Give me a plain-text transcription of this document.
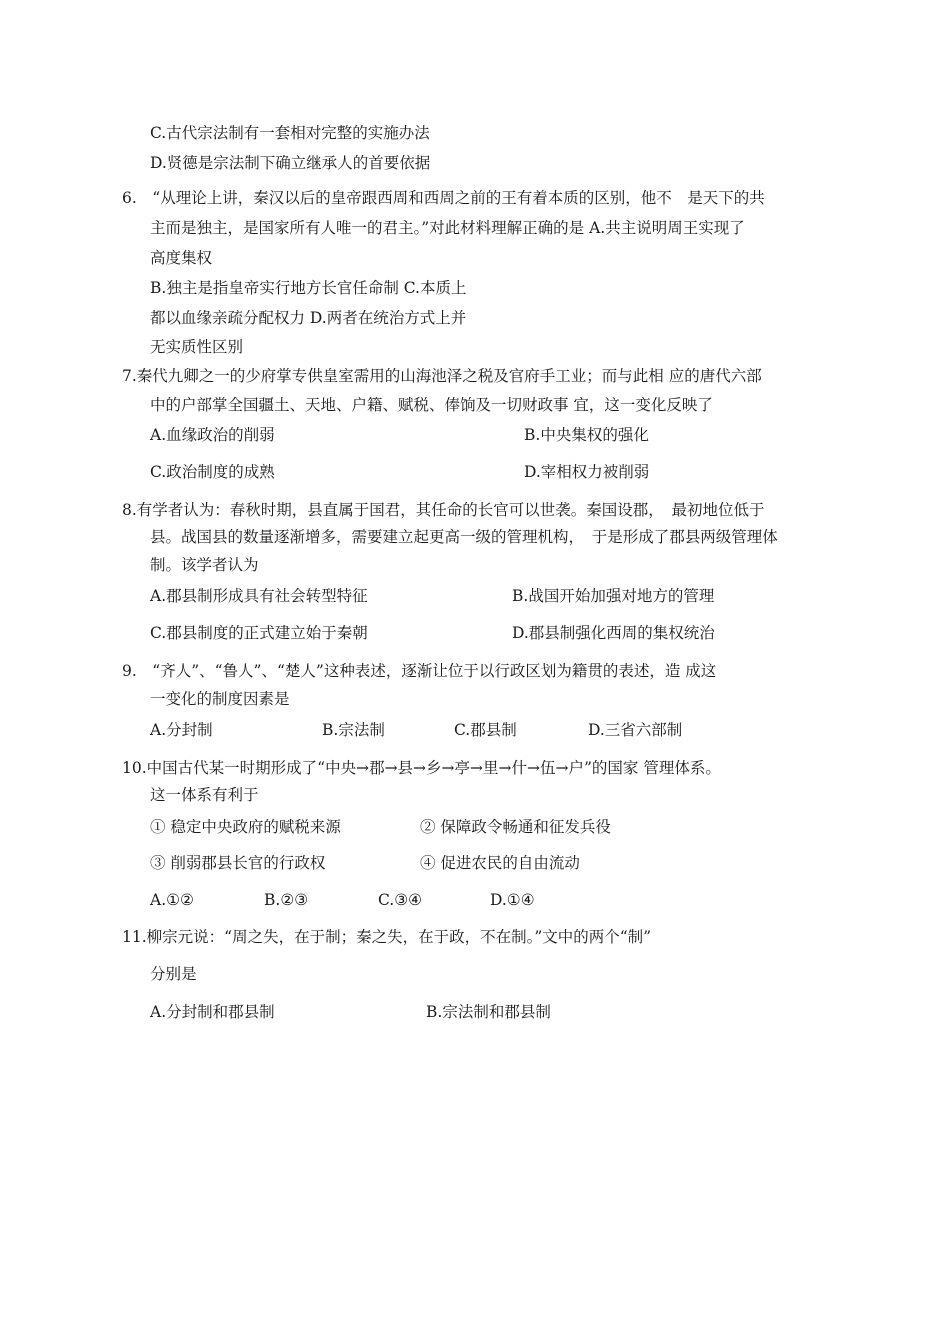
C.古代宗法制有一套相对完整的实施办法
D.贤德是宗法制下确立继承人的首要依据
6.　“从理论上讲，秦汉以后的皇帝跟西周和西周之前的王有着本质的区别，他不　是天下的共
主而是独主，是国家所有人唯一的君主。”对此材料理解正确的是 A.共主说明周王实现了
高度集权
B.独主是指皇帝实行地方长官任命制 C.本质上
都以血缘亲疏分配权力 D.两者在统治方式上并
无实质性区别
7.秦代九卿之一的少府掌专供皇室需用的山海池泽之税及官府手工业；而与此相 应的唐代六部
中的户部掌全国疆土、天地、户籍、赋税、俸饷及一切财政事 宜，这一变化反映了
A.血缘政治的削弱	B.中央集权的强化
C.政治制度的成熟	D.宰相权力被削弱
8.有学者认为：春秋时期，县直属于国君，其任命的长官可以世袭。秦国设郡，　最初地位低于
县。战国县的数量逐渐增多，需要建立起更高一级的管理机构，　于是形成了郡县两级管理体
制。该学者认为
A.郡县制形成具有社会转型特征	B.战国开始加强对地方的管理
C.郡县制度的正式建立始于秦朝	D.郡县制强化西周的集权统治
9.　“齐人”、“鲁人”、“楚人”这种表述，逐渐让位于以行政区划为籍贯的表述，造 成这
一变化的制度因素是
A.分封制	B.宗法制	C.郡县制	D.三省六部制
10.中国古代某一时期形成了“中央→郡→县→乡→亭→里→什→伍→户”的国家 管理体系。
这一体系有利于
① 稳定中央政府的赋税来源	② 保障政令畅通和征发兵役
③ 削弱郡县长官的行政权	④ 促进农民的自由流动
A.①②	B.②③	C.③④	D.①④
11.柳宗元说：“周之失，在于制；秦之失，在于政，不在制。”文中的两个“制”
分别是
A.分封制和郡县制	B.宗法制和郡县制
